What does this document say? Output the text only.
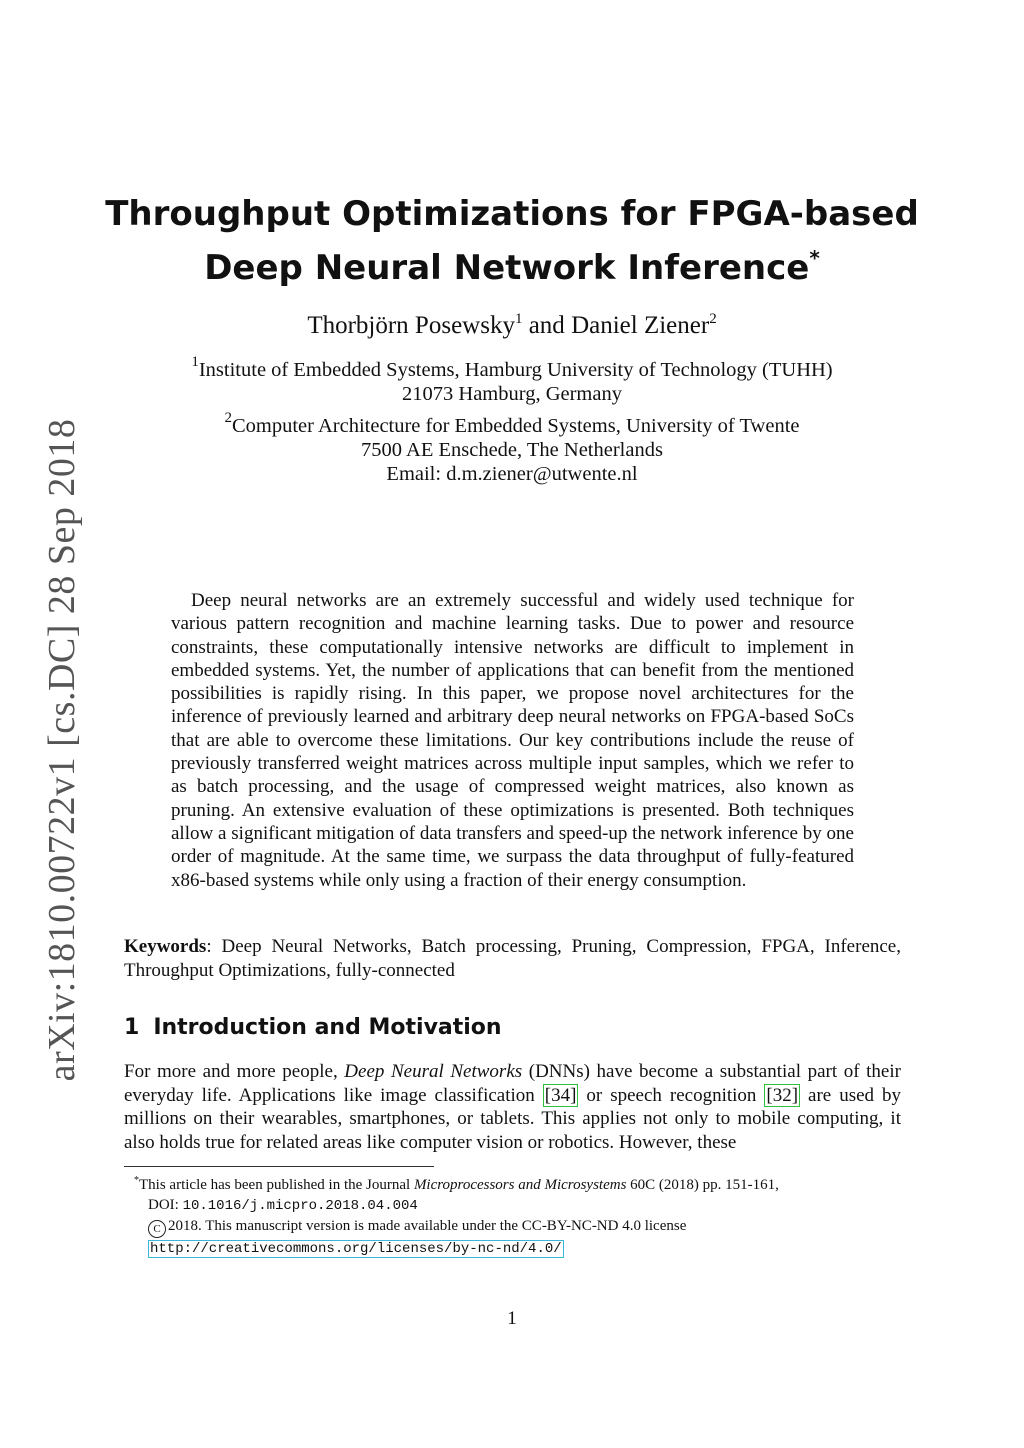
arXiv:1810.00722v1 [cs.DC] 28 Sep 2018
Throughput Optimizations for FPGA-based
Deep Neural Network Inference*
Thorbjörn Posewsky$^1$ and Daniel Ziener$^2$
$^1$Institute of Embedded Systems, Hamburg University of Technology (TUHH)
21073 Hamburg, Germany
$^2$Computer Architecture for Embedded Systems, University of Twente
7500 AE Enschede, The Netherlands
Email: d.m.ziener@utwente.nl
Deep neural networks are an extremely successful and widely used technique for various pattern recognition and machine learning tasks. Due to power and resource constraints, these computationally intensive networks are difficult to implement in embedded systems. Yet, the number of applications that can benefit from the mentioned possibilities is rapidly rising. In this paper, we propose novel architectures for the inference of previously learned and arbitrary deep neural networks on FPGA-based SoCs that are able to overcome these limitations. Our key contributions include the reuse of previously transferred weight matrices across multiple input samples, which we refer to as batch processing, and the usage of compressed weight matrices, also known as pruning. An extensive evaluation of these optimizations is presented. Both techniques allow a significant mitigation of data transfers and speed-up the network inference by one order of magnitude. At the same time, we surpass the data throughput of fully-featured x86-based systems while only using a fraction of their energy consumption.
Keywords: Deep Neural Networks, Batch processing, Pruning, Compression, FPGA, Inference, Throughput Optimizations, fully-connected
1 Introduction and Motivation
For more and more people, Deep Neural Networks (DNNs) have become a substantial part of their everyday life. Applications like image classification [34] or speech recognition [32] are used by millions on their wearables, smartphones, or tablets. This applies not only to mobile computing, it also holds true for related areas like computer vision or robotics. However, these
*This article has been published in the Journal Microprocessors and Microsystems 60C (2018) pp. 151-161,
DOI: 10.1016/j.micpro.2018.04.004
C 2018. This manuscript version is made available under the CC-BY-NC-ND 4.0 license
http://creativecommons.org/licenses/by-nc-nd/4.0/
1
